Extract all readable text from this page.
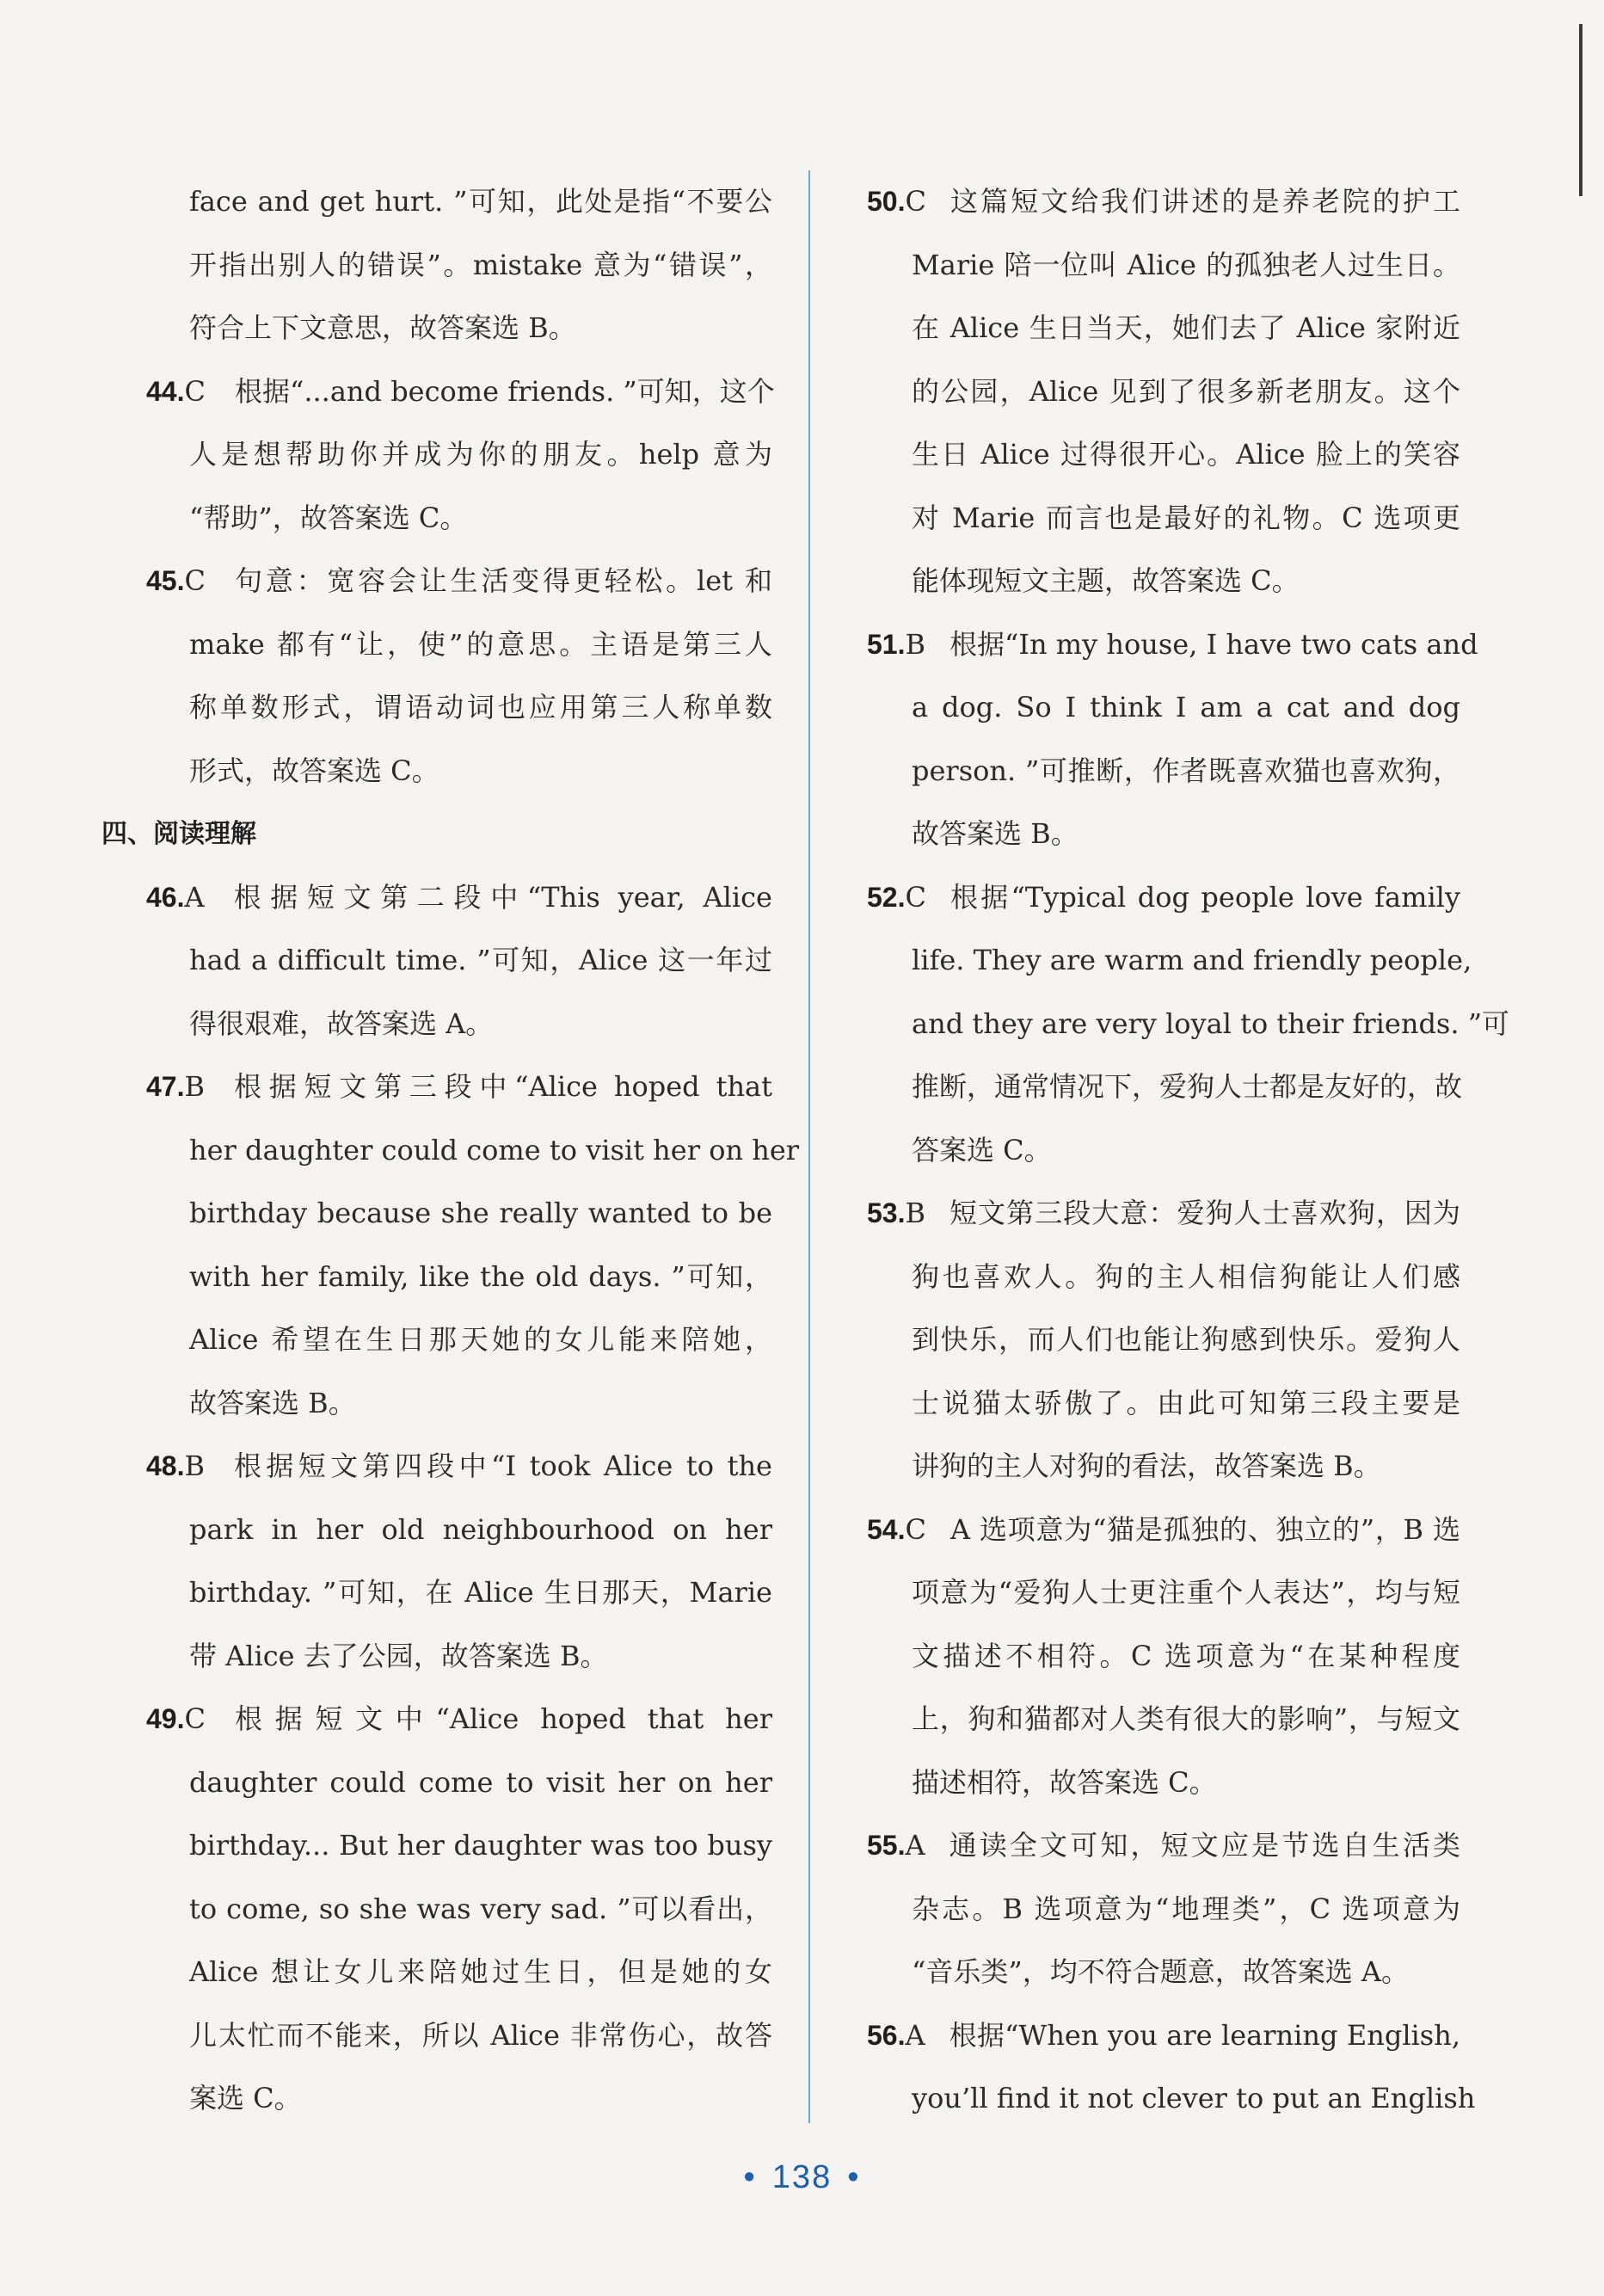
face and get hurt. ”可知，此处是指“不要公
开指出别人的错误”。mistake 意为“错误”，
符合上下文意思，故答案选 B。
44. C 根据“...and become friends. ”可知，这个
人是想帮助你并成为你的朋友。help 意为
“帮助”，故答案选 C。
45. C 句意：宽容会让生活变得更轻松。let 和
make 都有“让，使”的意思。主语是第三人
称单数形式，谓语动词也应用第三人称单数
形式，故答案选 C。
四、阅读理解
46. A 根据短文第二段中“This year, Alice
had a difficult time. ”可知，Alice 这一年过
得很艰难，故答案选 A。
47. B 根据短文第三段中“Alice hoped that
her daughter could come to visit her on her
birthday because she really wanted to be
with her family, like the old days. ”可知，
Alice 希望在生日那天她的女儿能来陪她，
故答案选 B。
48. B 根据短文第四段中“I took Alice to the
park in her old neighbourhood on her
birthday. ”可知，在 Alice 生日那天，Marie
带 Alice 去了公园，故答案选 B。
49. C 根据短文中“Alice hoped that her
daughter could come to visit her on her
birthday... But her daughter was too busy
to come, so she was very sad. ”可以看出，
Alice 想让女儿来陪她过生日，但是她的女
儿太忙而不能来，所以 Alice 非常伤心，故答
案选 C。
50. C 这篇短文给我们讲述的是养老院的护工
Marie 陪一位叫 Alice 的孤独老人过生日。
在 Alice 生日当天，她们去了 Alice 家附近
的公园，Alice 见到了很多新老朋友。这个
生日 Alice 过得很开心。Alice 脸上的笑容
对 Marie 而言也是最好的礼物。C 选项更
能体现短文主题，故答案选 C。
51. B 根据“In my house, I have two cats and
a dog. So I think I am a cat and dog
person. ”可推断，作者既喜欢猫也喜欢狗，
故答案选 B。
52. C 根据“Typical dog people love family
life. They are warm and friendly people,
and they are very loyal to their friends. ”可
推断，通常情况下，爱狗人士都是友好的，故
答案选 C。
53. B 短文第三段大意：爱狗人士喜欢狗，因为
狗也喜欢人。狗的主人相信狗能让人们感
到快乐，而人们也能让狗感到快乐。爱狗人
士说猫太骄傲了。由此可知第三段主要是
讲狗的主人对狗的看法，故答案选 B。
54. C A 选项意为“猫是孤独的、独立的”，B 选
项意为“爱狗人士更注重个人表达”，均与短
文描述不相符。C 选项意为“在某种程度
上，狗和猫都对人类有很大的影响”，与短文
描述相符，故答案选 C。
55. A 通读全文可知，短文应是节选自生活类
杂志。B 选项意为“地理类”，C 选项意为
“音乐类”，均不符合题意，故答案选 A。
56. A 根据“When you are learning English,
you’ll find it not clever to put an English
• 138 •
